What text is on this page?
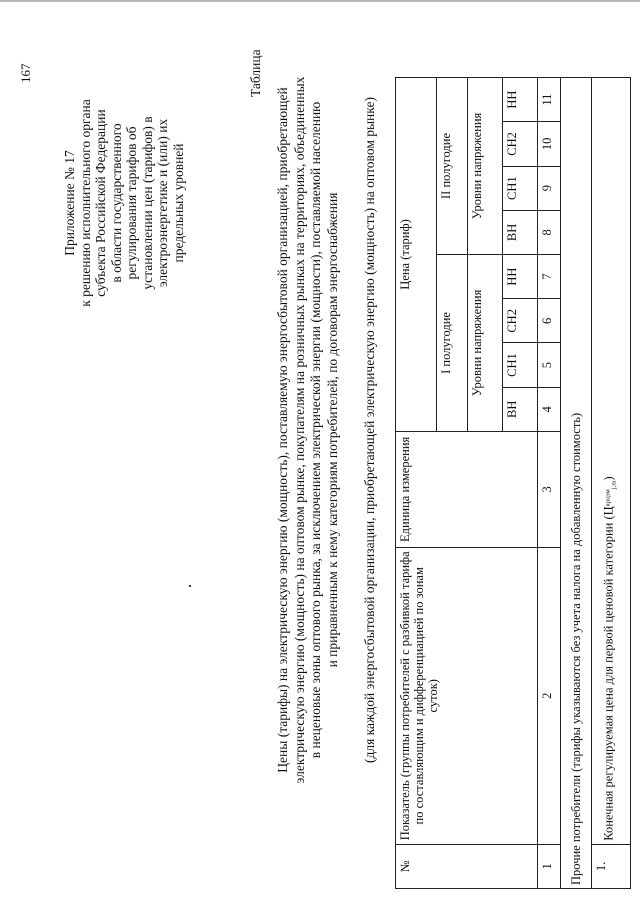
167
Приложение № 17 к решению исполнительного органа субъекта Российской Федерации в области государственного регулирования тарифов об установлении цен (тарифов) в электроэнергетике и (или) их предельных уровней
Таблица
Цены (тарифы) на электрическую энергию (мощность), поставляемую энергосбытовой организацией, приобретающей электрическую энергию (мощность) на оптовом рынке, покупателям на розничных рынках на территориях, объединенных в неценовые зоны оптового рынка, за исключением электрической энергии (мощности), поставляемой населению и приравненным к нему категориям потребителей, по договорам энергоснабжения (для каждой энергосбытовой организации, приобретающей электрическую энергию (мощность) на оптовом рынке)
№	Показатель (группы потребителей с разбивкой тарифа по составляющим и дифференциацией по зонам суток)	Единица измерения	Цена (тариф)							
			I полугодие				II полугодие			
			Уровни напряжения				Уровни напряжения			
			ВН	СН1	СН2	НН	ВН	СН1	СН2	НН
1	2	3	4	5	6	7	8	9	10	11
Прочие потребители (тарифы указываются без учета налога на добавленную стоимость)										
1.	Конечная регулируемая цена для первой ценовой категории $(Ц^{крцэм}_{j,m})$									
